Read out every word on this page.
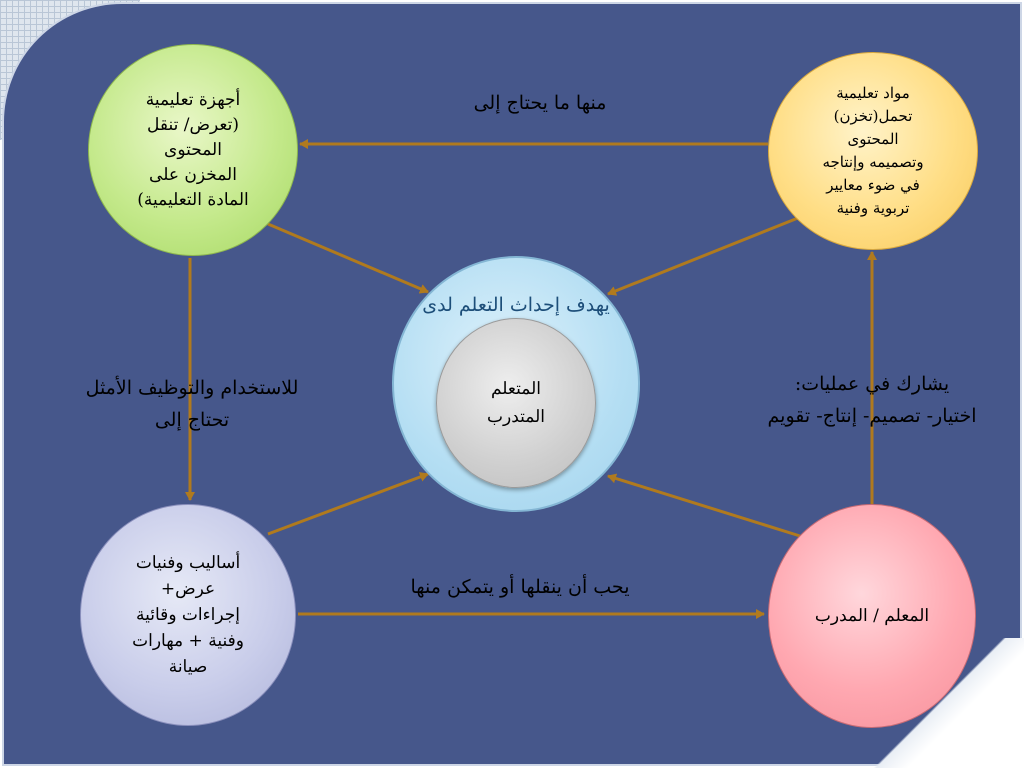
أجهزة تعليمية
(تعرض/ تنقل
المحتوى
المخزن على
المادة التعليمية)
مواد تعليمية
تحمل(تخزن)
المحتوى
وتصميمه وإنتاجه
في ضوء معايير
تربوية وفنية
أساليب وفنيات
عرض+
إجراءات وقائية
وفنية + مهارات
صيانة
المعلم / المدرب
يهدف إحداث التعلم لدى
المتعلم
المتدرب
منها ما يحتاج إلى
للاستخدام والتوظيف الأمثل
تحتاج إلى
يشارك في عمليات:
اختيار- تصميم- إنتاج- تقويم
يحب أن ينقلها أو يتمكن منها
